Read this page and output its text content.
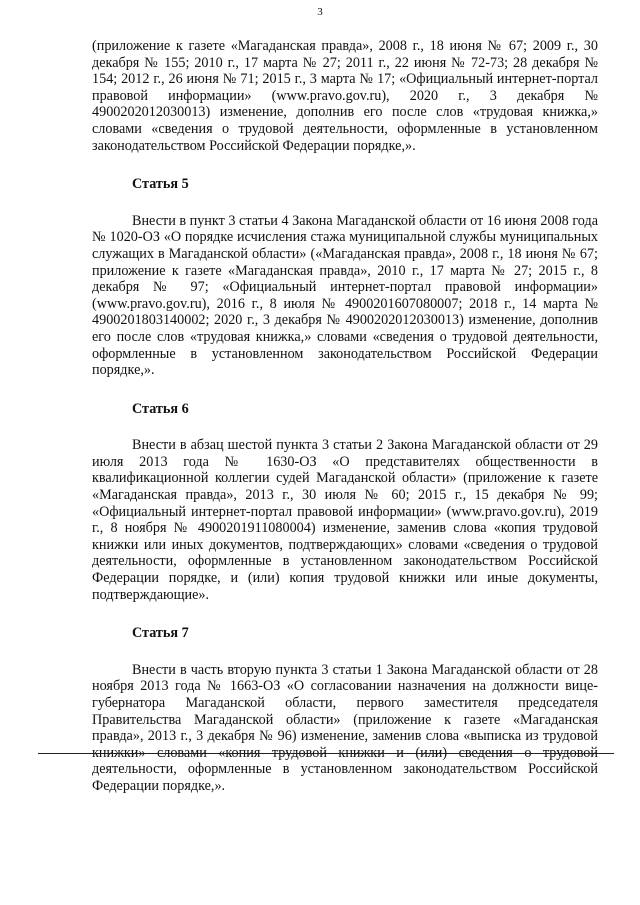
3

(приложение к газете «Магаданская правда», 2008 г., 18 июня № 67; 2009 г., 30 декабря № 155; 2010 г., 17 марта № 27; 2011 г., 22 июня № 72-73; 28 декабря № 154; 2012 г., 26 июня № 71; 2015 г., 3 марта № 17; «Официальный интернет-портал правовой информации» (www.pravo.gov.ru), 2020 г., 3 декабря № 4900202012030013) изменение, дополнив его после слов «трудовая книжка,» словами «сведения о трудовой деятельности, оформленные в установленном законодательством Российской Федерации порядке,».

Статья 5

Внести в пункт 3 статьи 4 Закона Магаданской области от 16 июня 2008 года № 1020-ОЗ «О порядке исчисления стажа муниципальной службы муниципальных служащих в Магаданской области» («Магаданская правда», 2008 г., 18 июня № 67; приложение к газете «Магаданская правда», 2010 г., 17 марта № 27; 2015 г., 8 декабря № 97; «Официальный интернет-портал правовой информации» (www.pravo.gov.ru), 2016 г., 8 июля № 4900201607080007; 2018 г., 14 марта № 4900201803140002; 2020 г., 3 декабря № 4900202012030013) изменение, дополнив его после слов «трудовая книжка,» словами «сведения о трудовой деятельности, оформленные в установленном законодательством Российской Федерации порядке,».

Статья 6

Внести в абзац шестой пункта 3 статьи 2 Закона Магаданской области от 29 июля 2013 года № 1630-ОЗ «О представителях общественности в квалификационной коллегии судей Магаданской области» (приложение к газете «Магаданская правда», 2013 г., 30 июля № 60; 2015 г., 15 декабря № 99; «Официальный интернет-портал правовой информации» (www.pravo.gov.ru), 2019 г., 8 ноября № 4900201911080004) изменение, заменив слова «копия трудовой книжки или иных документов, подтверждающих» словами «сведения о трудовой деятельности, оформленные в установленном законодательством Российской Федерации порядке, и (или) копия трудовой книжки или иные документы, подтверждающие».

Статья 7

Внести в часть вторую пункта 3 статьи 1 Закона Магаданской области от 28 ноября 2013 года № 1663-ОЗ «О согласовании назначения на должности вице-губернатора Магаданской области, первого заместителя председателя Правительства Магаданской области» (приложение к газете «Магаданская правда», 2013 г., 3 декабря № 96) изменение, заменив слова «выписка из трудовой книжки» словами «копия трудовой книжки и (или) сведения о трудовой деятельности, оформленные в установленном законодательством Российской Федерации порядке,».
